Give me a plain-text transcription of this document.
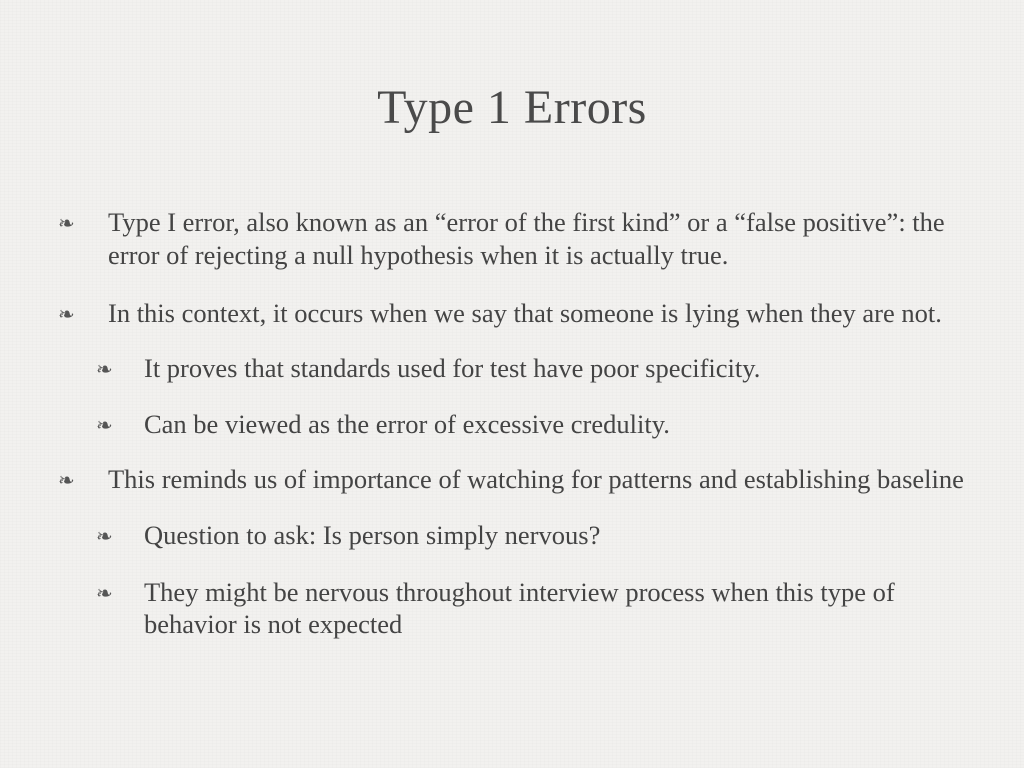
Type 1 Errors
❧ Type I error, also known as an “error of the first kind” or a “false positive”: the error of rejecting a null hypothesis when it is actually true.
❧ In this context, it occurs when we say that someone is lying when they are not.
❧ It proves that standards used for test have poor specificity.
❧ Can be viewed as the error of excessive credulity.
❧ This reminds us of importance of watching for patterns and establishing baseline
❧ Question to ask: Is person simply nervous?
❧ They might be nervous throughout interview process when this type of behavior is not expected
